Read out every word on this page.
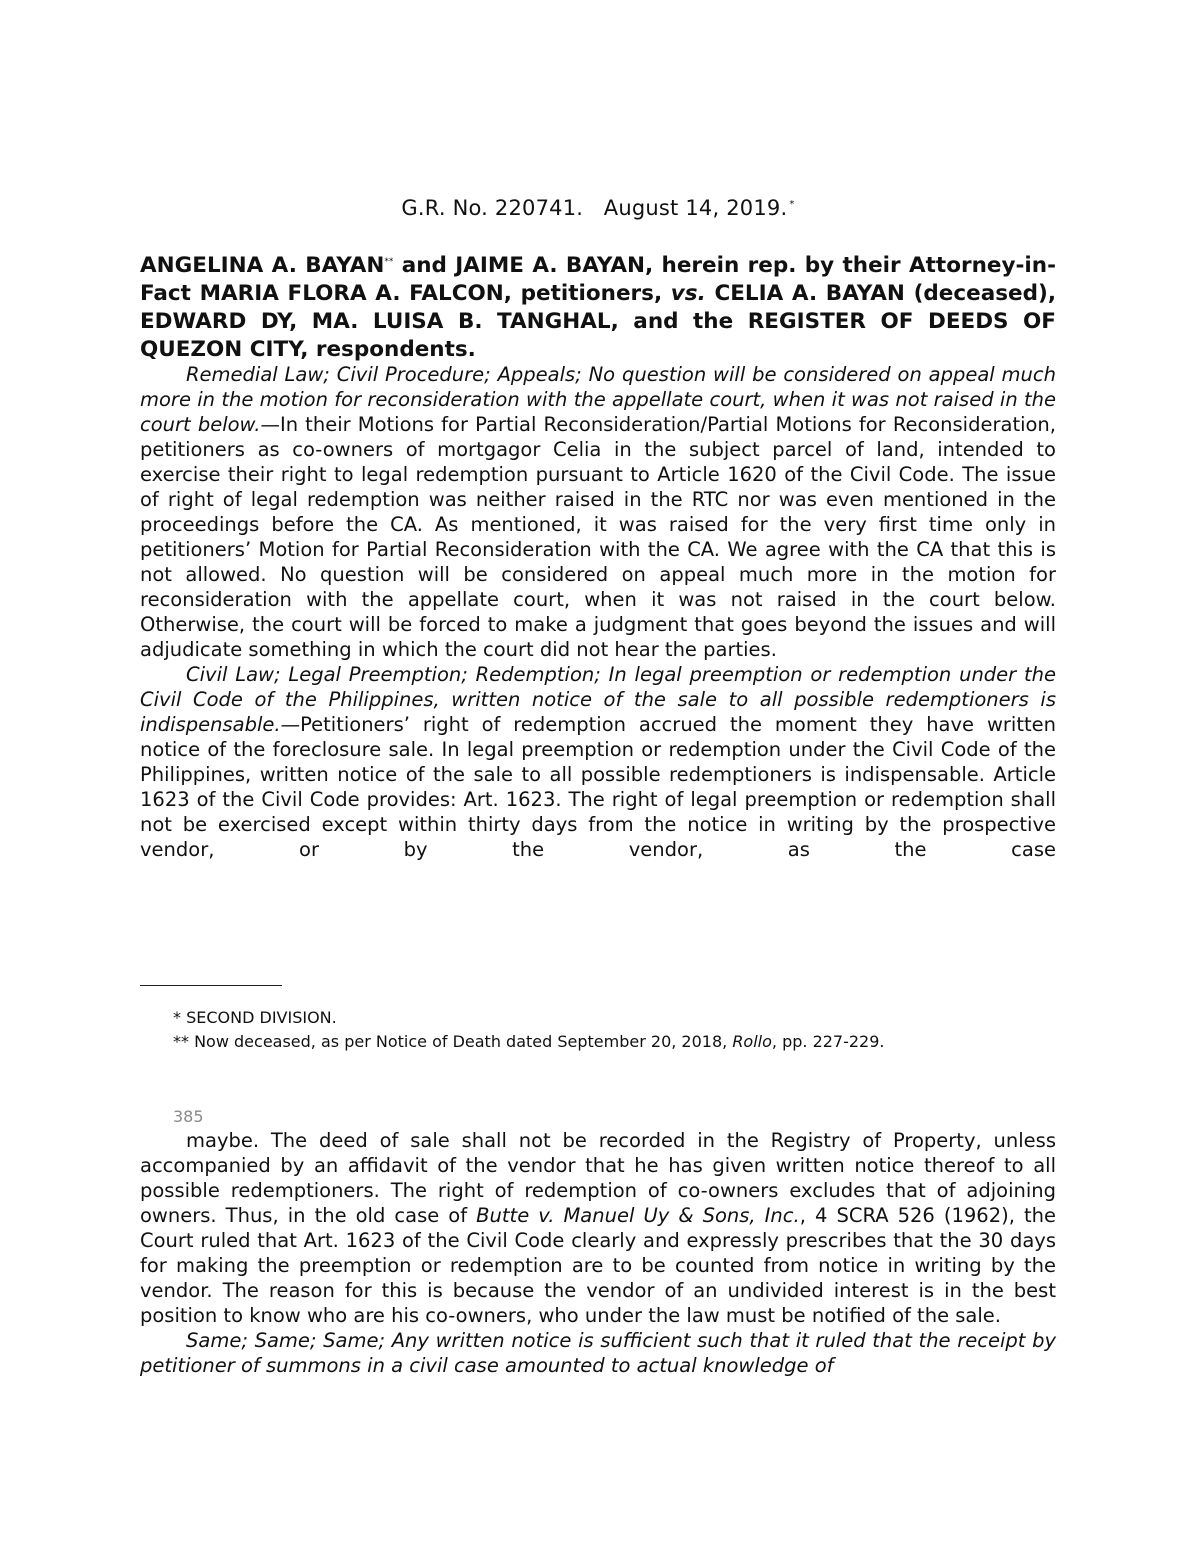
G.R. No. 220741. August 14, 2019. *
ANGELINA A. BAYAN** and JAIME A. BAYAN, herein rep. by their Attorney-in-Fact MARIA FLORA A. FALCON, petitioners, vs. CELIA A. BAYAN (deceased), EDWARD DY, MA. LUISA B. TANGHAL, and the REGISTER OF DEEDS OF QUEZON CITY, respondents.

Remedial Law; Civil Procedure; Appeals; No question will be considered on appeal much more in the motion for reconsideration with the appellate court, when it was not raised in the court below.—In their Motions for Partial Reconsideration/Partial Motions for Reconsideration, petitioners as co-owners of mortgagor Celia in the subject parcel of land, intended to exercise their right to legal redemption pursuant to Article 1620 of the Civil Code. The issue of right of legal redemption was neither raised in the RTC nor was even mentioned in the proceedings before the CA. As mentioned, it was raised for the very first time only in petitioners’ Motion for Partial Reconsideration with the CA. We agree with the CA that this is not allowed. No question will be considered on appeal much more in the motion for reconsideration with the appellate court, when it was not raised in the court below. Otherwise, the court will be forced to make a judgment that goes beyond the issues and will adjudicate something in which the court did not hear the parties.

Civil Law; Legal Preemption; Redemption; In legal preemption or redemption under the Civil Code of the Philippines, written notice of the sale to all possible redemptioners is indispensable.—Petitioners’ right of redemption accrued the moment they have written notice of the foreclosure sale. In legal preemption or redemption under the Civil Code of the Philippines, written notice of the sale to all possible redemptioners is indispensable. Article 1623 of the Civil Code provides: Art. 1623. The right of legal preemption or redemption shall not be exercised except within thirty days from the notice in writing by the prospective vendor, or by the vendor, as the case

* SECOND DIVISION.
** Now deceased, as per Notice of Death dated September 20, 2018, Rollo, pp. 227-229.
385

maybe. The deed of sale shall not be recorded in the Registry of Property, unless accompanied by an affidavit of the vendor that he has given written notice thereof to all possible redemptioners. The right of redemption of co-owners excludes that of adjoining owners. Thus, in the old case of Butte v. Manuel Uy & Sons, Inc., 4 SCRA 526 (1962), the Court ruled that Art. 1623 of the Civil Code clearly and expressly prescribes that the 30 days for making the preemption or redemption are to be counted from notice in writing by the vendor. The reason for this is because the vendor of an undivided interest is in the best position to know who are his co-owners, who under the law must be notified of the sale.

Same; Same; Same; Any written notice is sufficient such that it ruled that the receipt by petitioner of summons in a civil case amounted to actual knowledge of
